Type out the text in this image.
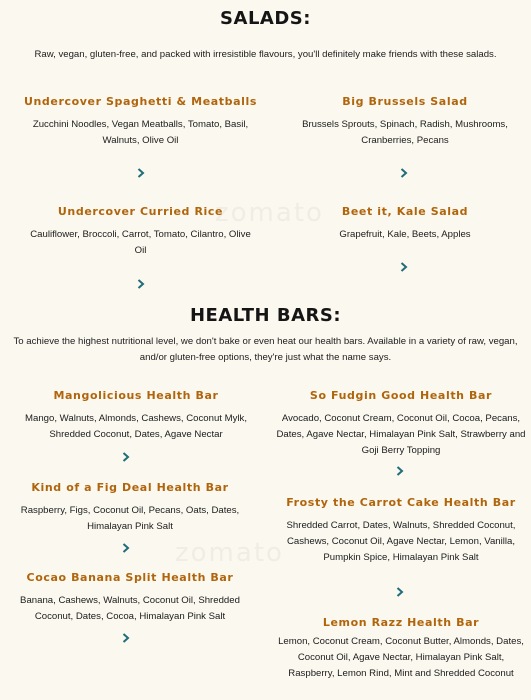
zomato
zomato
SALADS:
Raw, vegan, gluten-free, and packed with irresistible flavours, you'll definitely make friends with these salads.
Undercover Spaghetti & Meatballs
Zucchini Noodles, Vegan Meatballs, Tomato, Basil, Walnuts, Olive Oil
Big Brussels Salad
Brussels Sprouts, Spinach, Radish, Mushrooms, Cranberries, Pecans
Undercover Curried Rice
Cauliflower, Broccoli, Carrot, Tomato, Cilantro, Olive Oil
Beet it, Kale Salad
Grapefruit, Kale, Beets, Apples
HEALTH BARS:
To achieve the highest nutritional level, we don't bake or even heat our health bars. Available in a variety of raw, vegan, and/or gluten-free options, they're just what the name says.
Mangolicious Health Bar
Mango, Walnuts, Almonds, Cashews, Coconut Mylk, Shredded Coconut, Dates, Agave Nectar
So Fudgin Good Health Bar
Avocado, Coconut Cream, Coconut Oil, Cocoa, Pecans, Dates, Agave Nectar, Himalayan Pink Salt, Strawberry and Goji Berry Topping
Kind of a Fig Deal Health Bar
Raspberry, Figs, Coconut Oil, Pecans, Oats, Dates, Himalayan Pink Salt
Frosty the Carrot Cake Health Bar
Shredded Carrot, Dates, Walnuts, Shredded Coconut, Cashews, Coconut Oil, Agave Nectar, Lemon, Vanilla, Pumpkin Spice, Himalayan Pink Salt
Cocao Banana Split Health Bar
Banana, Cashews, Walnuts, Coconut Oil, Shredded Coconut, Dates, Cocoa, Himalayan Pink Salt	Lemon Razz Health Bar
Lemon, Coconut Cream, Coconut Butter, Almonds, Dates, Coconut Oil, Agave Nectar, Himalayan Pink Salt, Raspberry, Lemon Rind, Mint and Shredded Coconut
